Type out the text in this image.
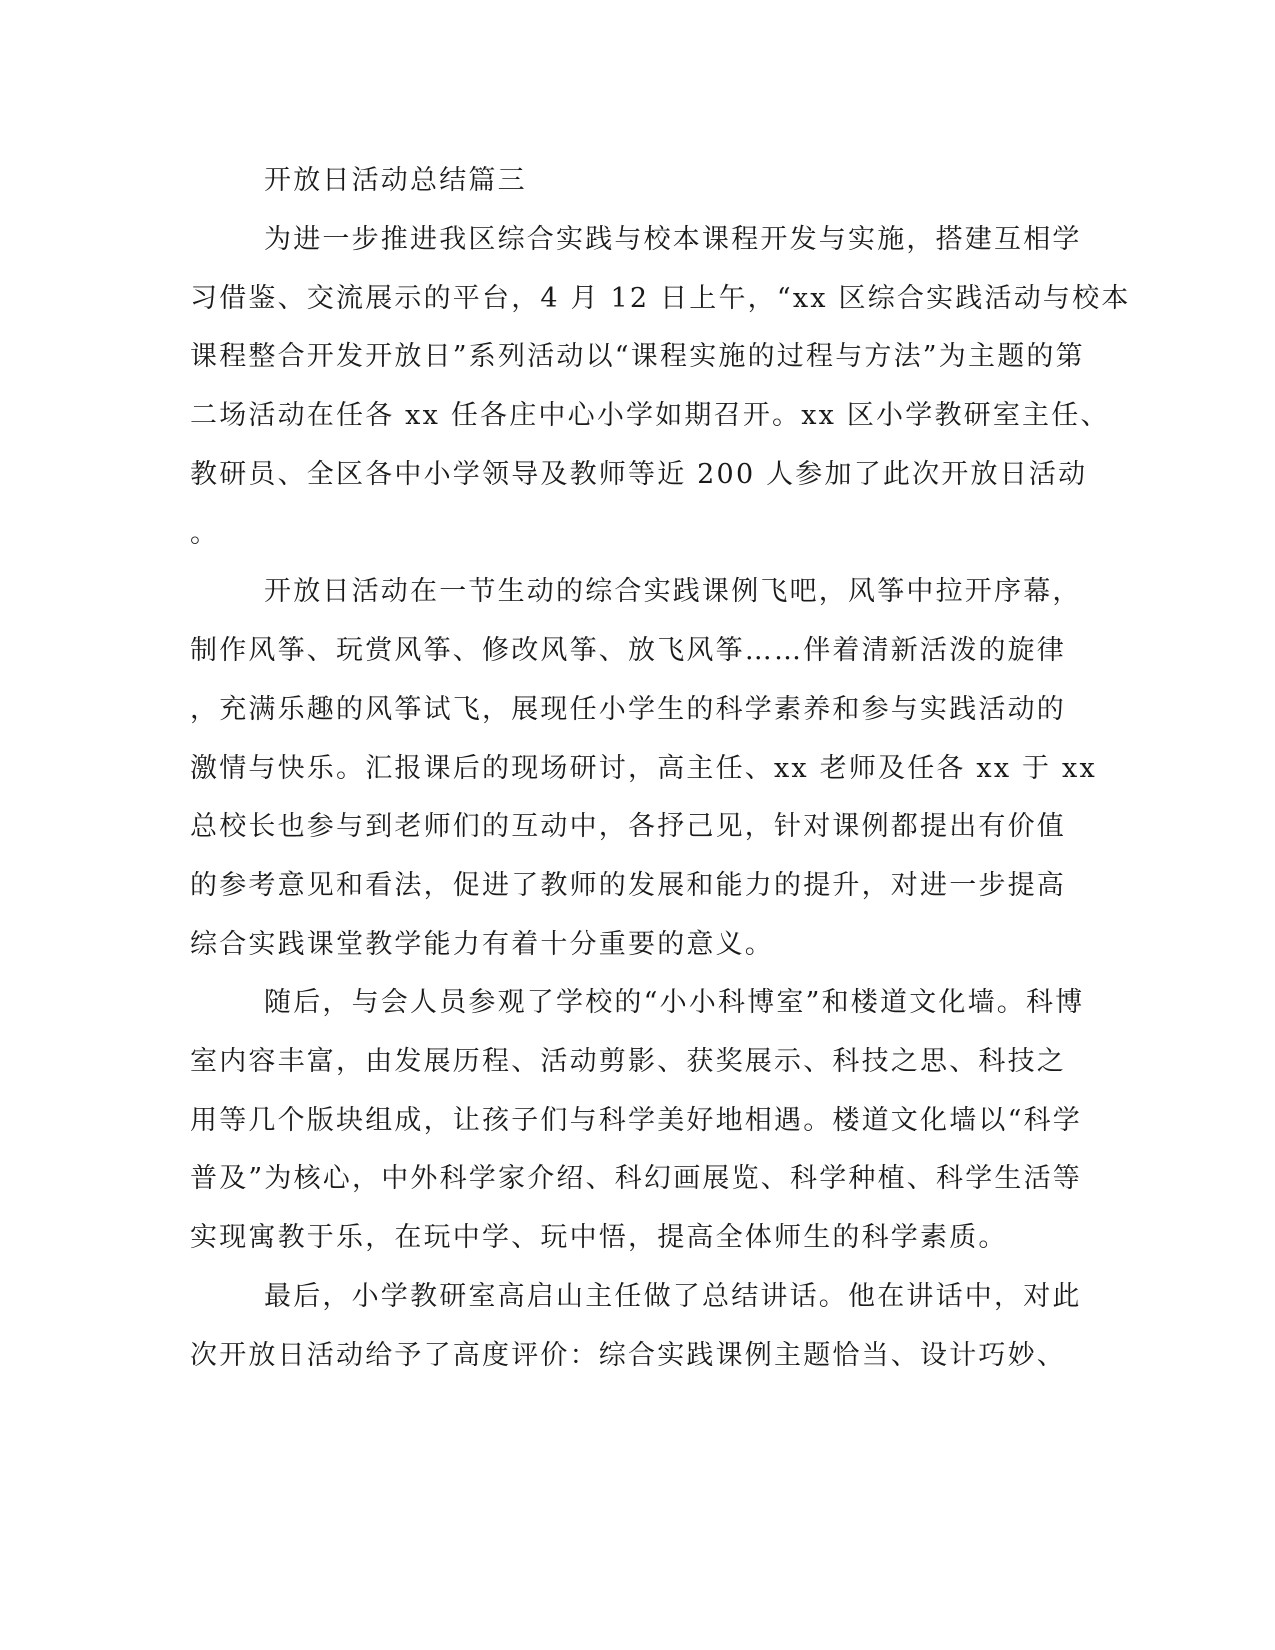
开放日活动总结篇三
为进一步推进我区综合实践与校本课程开发与实施，搭建互相学
习借鉴、交流展示的平台，4 月 12 日上午，“xx 区综合实践活动与校本
课程整合开发开放日”系列活动以“课程实施的过程与方法”为主题的第
二场活动在任各 xx 任各庄中心小学如期召开。xx 区小学教研室主任、
教研员、全区各中小学领导及教师等近 200 人参加了此次开放日活动
。
开放日活动在一节生动的综合实践课例飞吧，风筝中拉开序幕，
制作风筝、玩赏风筝、修改风筝、放飞风筝……伴着清新活泼的旋律
，充满乐趣的风筝试飞，展现任小学生的科学素养和参与实践活动的
激情与快乐。汇报课后的现场研讨，高主任、xx 老师及任各 xx 于 xx
总校长也参与到老师们的互动中，各抒己见，针对课例都提出有价值
的参考意见和看法，促进了教师的发展和能力的提升，对进一步提高
综合实践课堂教学能力有着十分重要的意义。
随后，与会人员参观了学校的“小小科博室”和楼道文化墙。科博
室内容丰富，由发展历程、活动剪影、获奖展示、科技之思、科技之
用等几个版块组成，让孩子们与科学美好地相遇。楼道文化墙以“科学
普及”为核心，中外科学家介绍、科幻画展览、科学种植、科学生活等
实现寓教于乐，在玩中学、玩中悟，提高全体师生的科学素质。
最后，小学教研室高启山主任做了总结讲话。他在讲话中，对此
次开放日活动给予了高度评价：综合实践课例主题恰当、设计巧妙、
